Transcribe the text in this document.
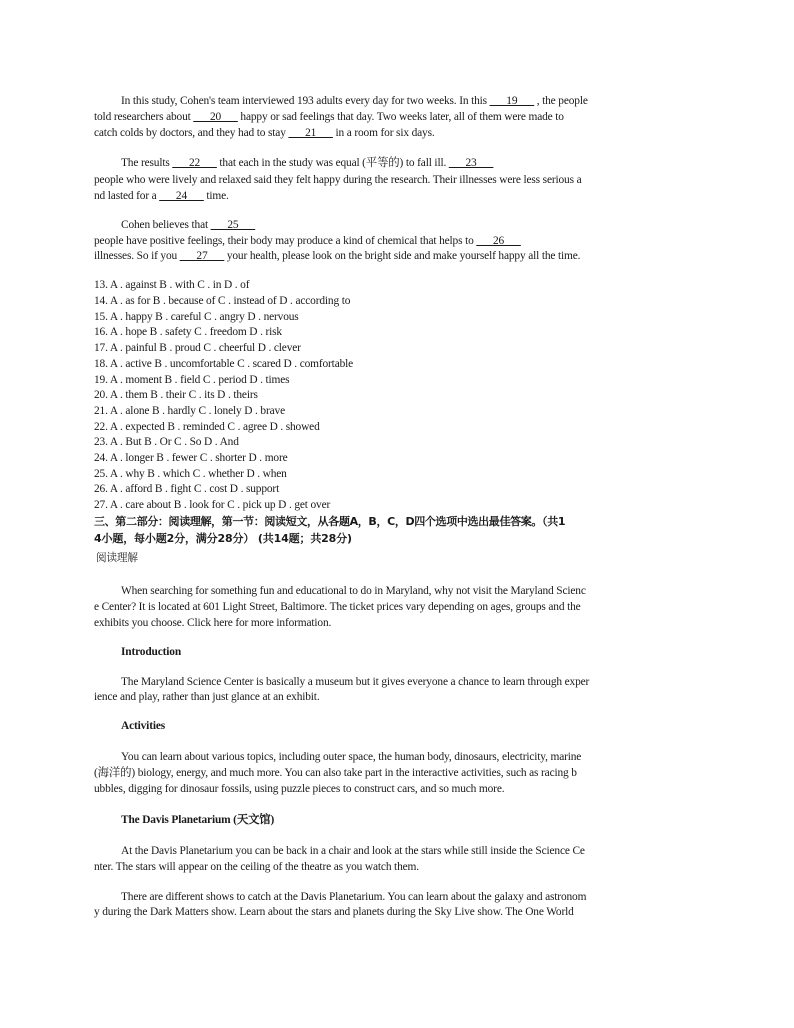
In this study, Cohen's team interviewed 193 adults every day for two weeks. In this ___19___ , the people
told researchers about ___20___ happy or sad feelings that day. Two weeks later, all of them were made to
catch colds by doctors, and they had to stay ___21___ in a room for six days.
The results ___22___ that each in the study was equal (平等的) to fall ill. ___23___
people who were lively and relaxed said they felt happy during the research. Their illnesses were less serious a
nd lasted for a ___24___ time.
Cohen believes that ___25___
people have positive feelings, their body may produce a kind of chemical that helps to ___26___
illnesses. So if you ___27___ your health, please look on the bright side and make yourself happy all the time.
13. A . against B . with C . in D . of
14. A . as for B . because of C . instead of D . according to
15. A . happy B . careful C . angry D . nervous
16. A . hope B . safety C . freedom D . risk
17. A . painful B . proud C . cheerful D . clever
18. A . active B . uncomfortable C . scared D . comfortable
19. A . moment B . field C . period D . times
20. A . them B . their C . its D . theirs
21. A . alone B . hardly C . lonely D . brave
22. A . expected B . reminded C . agree D . showed
23. A . But B . Or C . So D . And
24. A . longer B . fewer C . shorter D . more
25. A . why B . which C . whether D . when
26. A . afford B . fight C . cost D . support
27. A . care about B . look for C . pick up D . get over
三、第二部分：阅读理解，第一节：阅读短文，从各题A，B，C，D四个选项中选出最佳答案。（共1
4小题，每小题2分，满分28分） (共14题；共28分)
阅读理解
When searching for something fun and educational to do in Maryland, why not visit the Maryland Scienc
e Center? It is located at 601 Light Street, Baltimore. The ticket prices vary depending on ages, groups and the
exhibits you choose. Click here for more information.
Introduction
The Maryland Science Center is basically a museum but it gives everyone a chance to learn through exper
ience and play, rather than just glance at an exhibit.
Activities
You can learn about various topics, including outer space, the human body, dinosaurs, electricity, marine
(海洋的) biology, energy, and much more. You can also take part in the interactive activities, such as racing b
ubbles, digging for dinosaur fossils, using puzzle pieces to construct cars, and so much more.
The Davis Planetarium (天文馆)
At the Davis Planetarium you can be back in a chair and look at the stars while still inside the Science Ce
nter. The stars will appear on the ceiling of the theatre as you watch them.
There are different shows to catch at the Davis Planetarium. You can learn about the galaxy and astronom
y during the Dark Matters show. Learn about the stars and planets during the Sky Live show. The One World
